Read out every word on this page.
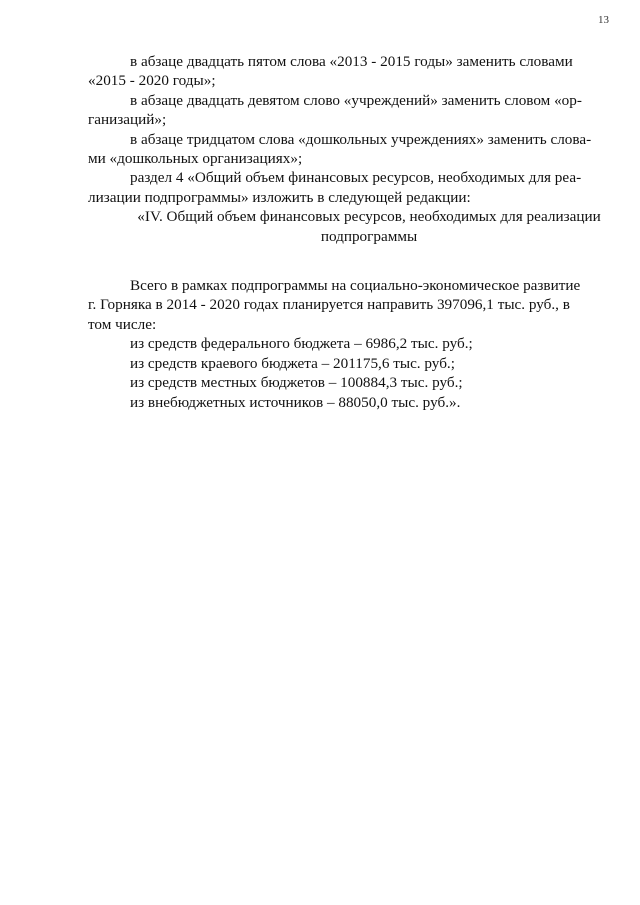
13

в абзаце двадцать пятом слова «2013 - 2015 годы» заменить словами

«2015 - 2020 годы»;

в абзаце двадцать девятом слово «учреждений» заменить словом «ор-

ганизаций»;

в абзаце тридцатом слова «дошкольных учреждениях» заменить слова-

ми «дошкольных организациях»;

раздел 4 «Общий объем финансовых ресурсов, необходимых для реа-

лизации подпрограммы» изложить в следующей редакции:

«IV. Общий объем финансовых ресурсов, необходимых для реализации
подпрограммы

Всего в рамках подпрограммы на социально-экономическое развитие

г. Горняка в 2014 - 2020 годах планируется направить 397096,1 тыс. руб., в

том числе:

из средств федерального бюджета – 6986,2 тыс. руб.;

из средств краевого бюджета – 201175,6 тыс. руб.;

из средств местных бюджетов – 100884,3 тыс. руб.;

из внебюджетных источников – 88050,0 тыс. руб.».
